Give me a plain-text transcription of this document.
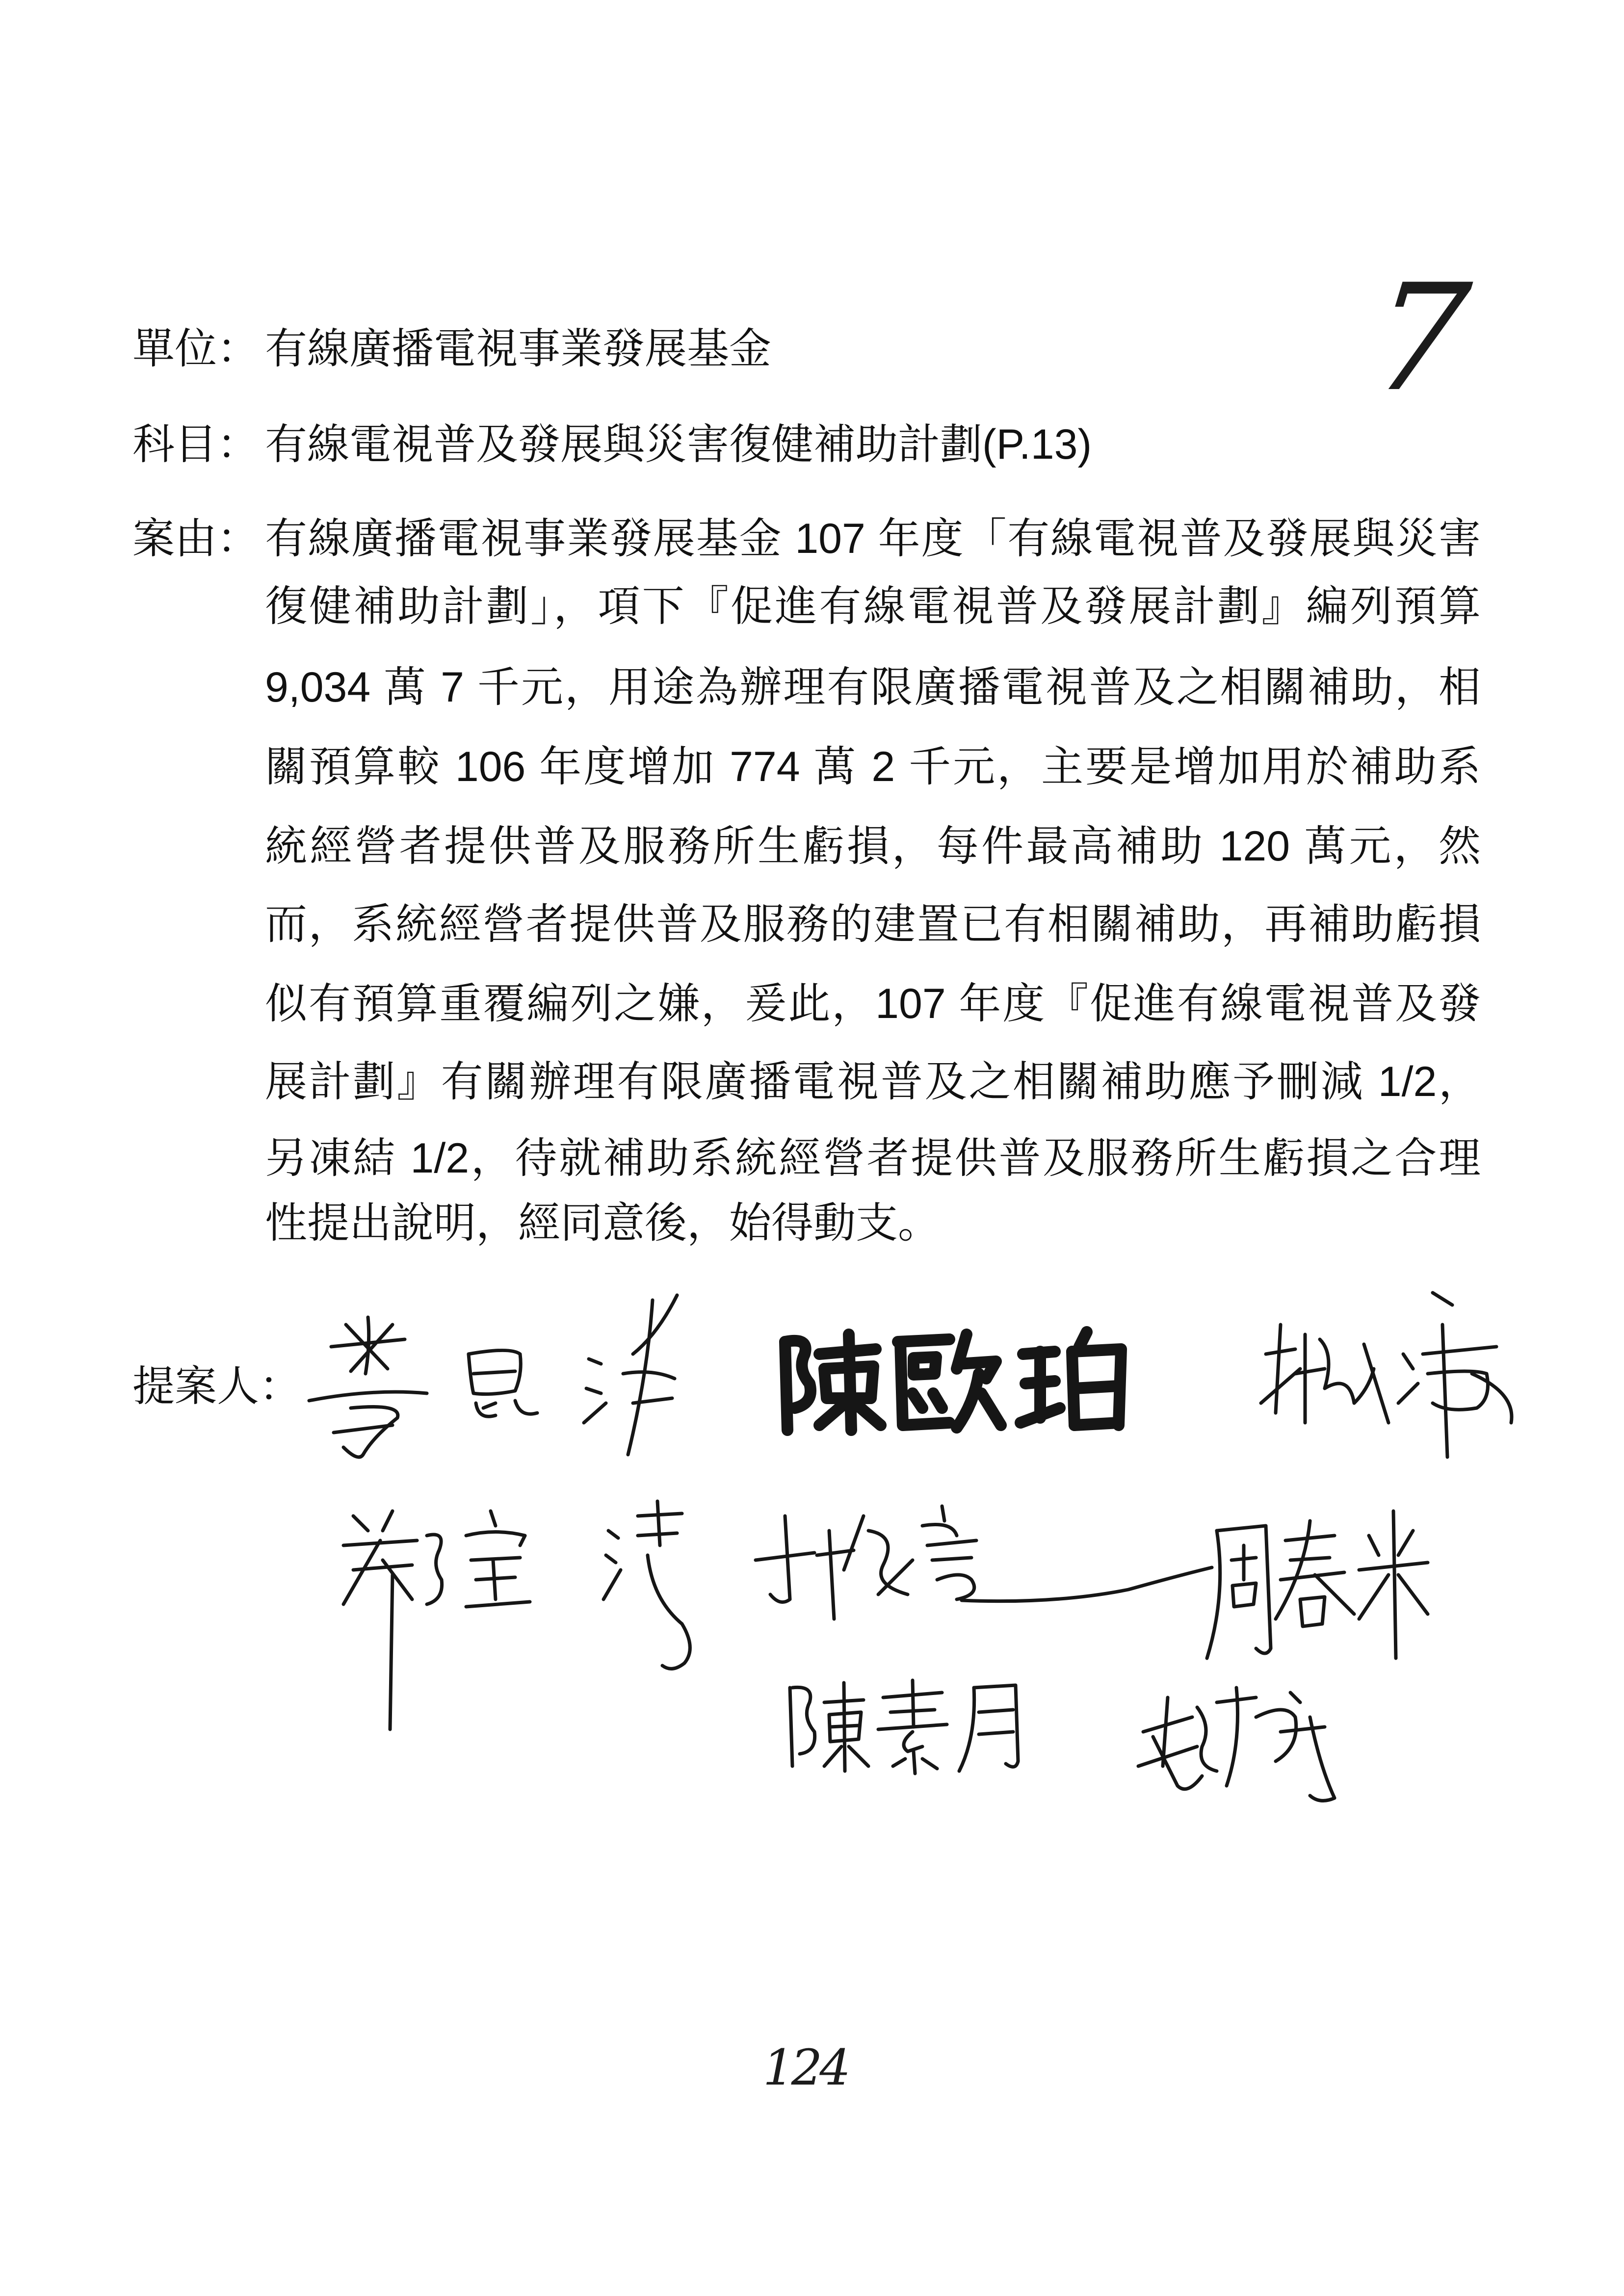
7
單位： 有線廣播電視事業發展基金
科目： 有線電視普及發展與災害復健補助計劃(P.13)
案由： 有線廣播電視事業發展基金 107 年度「有線電視普及發展與災害
復健補助計劃」，項下『促進有線電視普及發展計劃』編列預算
9,034 萬 7 千元，用途為辦理有限廣播電視普及之相關補助，相
關預算較 106 年度增加 774 萬 2 千元，主要是增加用於補助系
統經營者提供普及服務所生虧損，每件最高補助 120 萬元，然
而，系統經營者提供普及服務的建置已有相關補助，再補助虧損
似有預算重覆編列之嫌，爰此，107 年度『促進有線電視普及發
展計劃』有關辦理有限廣播電視普及之相關補助應予刪減 1/2，
另凍結 1/2，待就補助系統經營者提供普及服務所生虧損之合理
性提出說明，經同意後，始得動支。
提案人：
124
